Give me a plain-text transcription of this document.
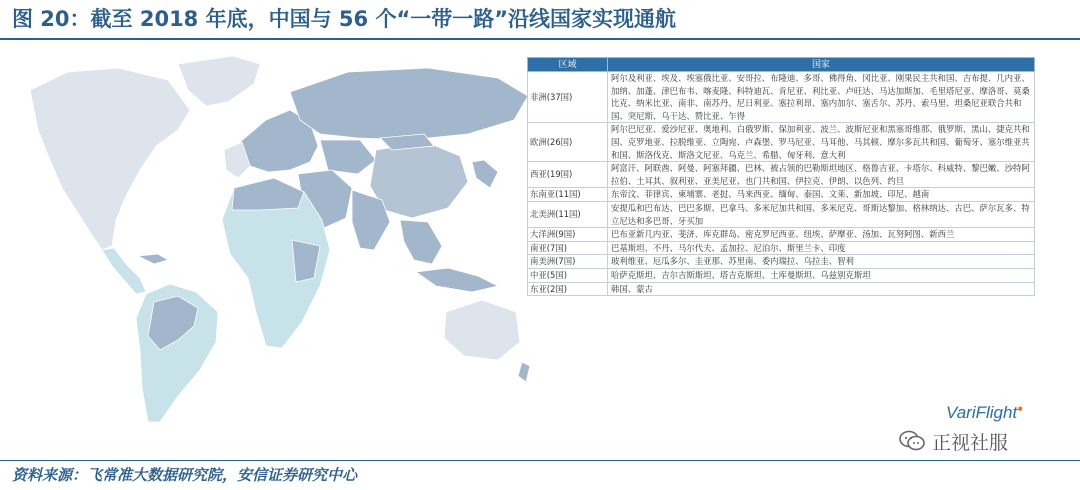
图 20：截至 2018 年底，中国与 56 个“一带一路”沿线国家实现通航
区域	国家
非洲(37国)	阿尔及利亚、埃及、埃塞俄比亚、安哥拉、布隆迪、多哥、佛得角、冈比亚、刚果民主共和国、吉布提、几内亚、加纳、加蓬、津巴布韦、喀麦隆、科特迪瓦、肯尼亚、利比亚、卢旺达、马达加斯加、毛里塔尼亚、摩洛哥、莫桑比克、纳米比亚、南非、南苏丹、尼日利亚、塞拉利昂、塞内加尔、塞舌尔、苏丹、索马里、坦桑尼亚联合共和国、突尼斯、乌干达、赞比亚、乍得
欧洲(26国)	阿尔巴尼亚、爱沙尼亚、奥地利、白俄罗斯、保加利亚、波兰、波斯尼亚和黑塞哥维那、俄罗斯、黑山、捷克共和国、克罗地亚、拉脱维亚、立陶宛、卢森堡、罗马尼亚、马耳他、马其顿、摩尔多瓦共和国、葡萄牙、塞尔维亚共和国、斯洛伐克、斯洛文尼亚、乌克兰、希腊、匈牙利、意大利
西亚(19国)	阿富汗、阿联酋、阿曼、阿塞拜疆、巴林、被占领的巴勒斯坦地区、格鲁吉亚、卡塔尔、科威特、黎巴嫩、沙特阿拉伯、土耳其、叙利亚、亚美尼亚、也门共和国、伊拉克、伊朗、以色列、约旦
东南亚(11国)	东帝汶、菲律宾、柬埔寨、老挝、马来西亚、缅甸、泰国、文莱、新加坡、印尼、越南
北美洲(11国)	安提瓜和巴布达、巴巴多斯、巴拿马、多米尼加共和国、多米尼克、哥斯达黎加、格林纳达、古巴、萨尔瓦多、特立尼达和多巴哥、牙买加
大洋洲(9国)	巴布亚新几内亚、斐济、库克群岛、密克罗尼西亚、纽埃、萨摩亚、汤加、瓦努阿图、新西兰
南亚(7国)	巴基斯坦、不丹、马尔代夫、孟加拉、尼泊尔、斯里兰卡、印度
南美洲(7国)	玻利维亚、厄瓜多尔、圭亚那、苏里南、委内瑞拉、乌拉圭、智利
中亚(5国)	哈萨克斯坦、吉尔吉斯斯坦、塔吉克斯坦、土库曼斯坦、乌兹别克斯坦
东亚(2国)	韩国、蒙古
VariFlight●
正视社服
资料来源：飞常准大数据研究院，安信证券研究中心
